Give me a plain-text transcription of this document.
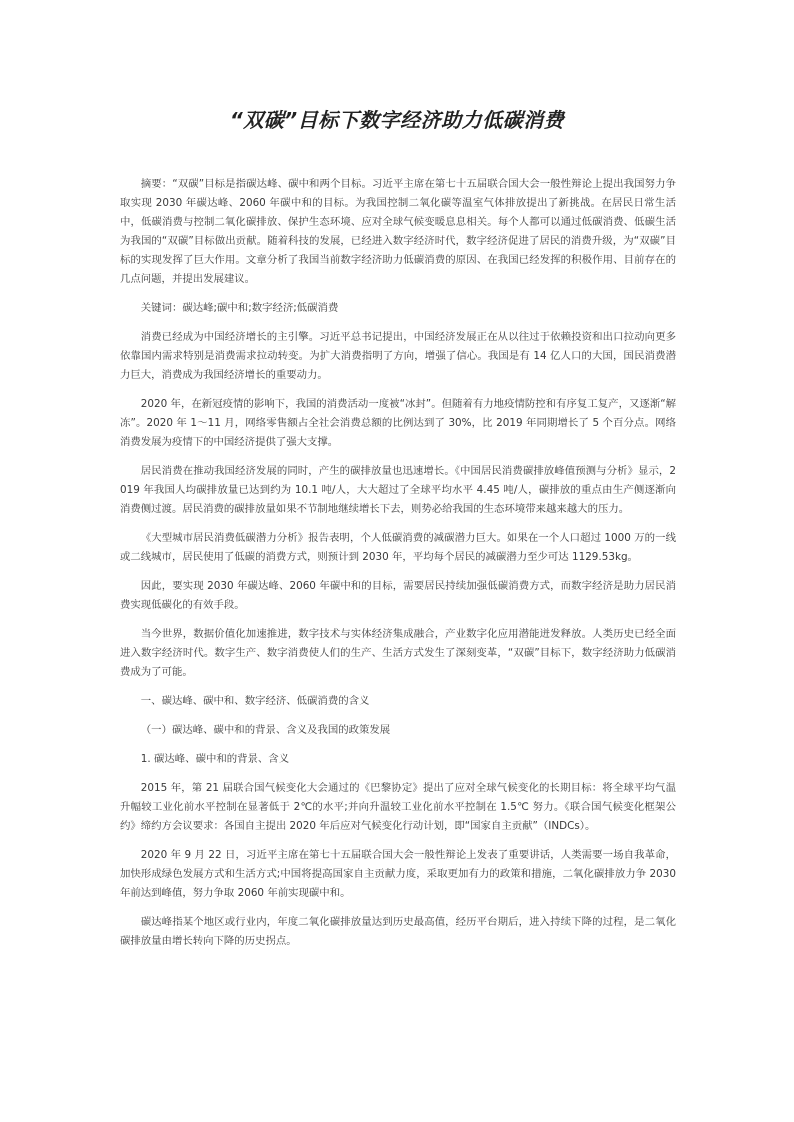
“双碳”目标下数字经济助力低碳消费

摘要：“双碳”目标是指碳达峰、碳中和两个目标。习近平主席在第七十五届联合国大会一般性辩论上提出我国努力争取实现 2030 年碳达峰、2060 年碳中和的目标。为我国控制二氧化碳等温室气体排放提出了新挑战。在居民日常生活中，低碳消费与控制二氧化碳排放、保护生态环境、应对全球气候变暖息息相关。每个人都可以通过低碳消费、低碳生活为我国的“双碳”目标做出贡献。随着科技的发展，已经进入数字经济时代，数字经济促进了居民的消费升级，为“双碳”目标的实现发挥了巨大作用。文章分析了我国当前数字经济助力低碳消费的原因、在我国已经发挥的积极作用、目前存在的几点问题，并提出发展建议。

关键词：碳达峰;碳中和;数字经济;低碳消费

消费已经成为中国经济增长的主引擎。习近平总书记提出，中国经济发展正在从以往过于依赖投资和出口拉动向更多依靠国内需求特别是消费需求拉动转变。为扩大消费指明了方向，增强了信心。我国是有 14 亿人口的大国，国民消费潜力巨大，消费成为我国经济增长的重要动力。

2020 年，在新冠疫情的影响下，我国的消费活动一度被“冰封”。但随着有力地疫情防控和有序复工复产，又逐渐“解冻”。2020 年 1～11 月，网络零售额占全社会消费总额的比例达到了 30%，比 2019 年同期增长了 5 个百分点。网络消费发展为疫情下的中国经济提供了强大支撑。

居民消费在推动我国经济发展的同时，产生的碳排放量也迅速增长。《中国居民消费碳排放峰值预测与分析》显示，2019 年我国人均碳排放量已达到约为 10.1 吨/人，大大超过了全球平均水平 4.45 吨/人，碳排放的重点由生产侧逐渐向消费侧过渡。居民消费的碳排放量如果不节制地继续增长下去，则势必给我国的生态环境带来越来越大的压力。

《大型城市居民消费低碳潜力分析》报告表明，个人低碳消费的减碳潜力巨大。如果在一个人口超过 1000 万的一线或二线城市，居民使用了低碳的消费方式，则预计到 2030 年，平均每个居民的减碳潜力至少可达 1129.53kg。

因此，要实现 2030 年碳达峰、2060 年碳中和的目标，需要居民持续加强低碳消费方式，而数字经济是助力居民消费实现低碳化的有效手段。

当今世界，数据价值化加速推进，数字技术与实体经济集成融合，产业数字化应用潜能迸发释放。人类历史已经全面进入数字经济时代。数字生产、数字消费使人们的生产、生活方式发生了深刻变革，“双碳”目标下，数字经济助力低碳消费成为了可能。

一、碳达峰、碳中和、数字经济、低碳消费的含义

（一）碳达峰、碳中和的背景、含义及我国的政策发展

1. 碳达峰、碳中和的背景、含义

2015 年，第 21 届联合国气候变化大会通过的《巴黎协定》提出了应对全球气候变化的长期目标：将全球平均气温升幅较工业化前水平控制在显著低于 2℃的水平;并向升温较工业化前水平控制在 1.5℃ 努力。《联合国气候变化框架公约》缔约方会议要求：各国自主提出 2020 年后应对气候变化行动计划，即“国家自主贡献”（INDCs）。

2020 年 9 月 22 日，习近平主席在第七十五届联合国大会一般性辩论上发表了重要讲话，人类需要一场自我革命，加快形成绿色发展方式和生活方式;中国将提高国家自主贡献力度，采取更加有力的政策和措施，二氧化碳排放力争 2030 年前达到峰值，努力争取 2060 年前实现碳中和。

碳达峰指某个地区或行业内，年度二氧化碳排放量达到历史最高值，经历平台期后，进入持续下降的过程，是二氧化碳排放量由增长转向下降的历史拐点。
